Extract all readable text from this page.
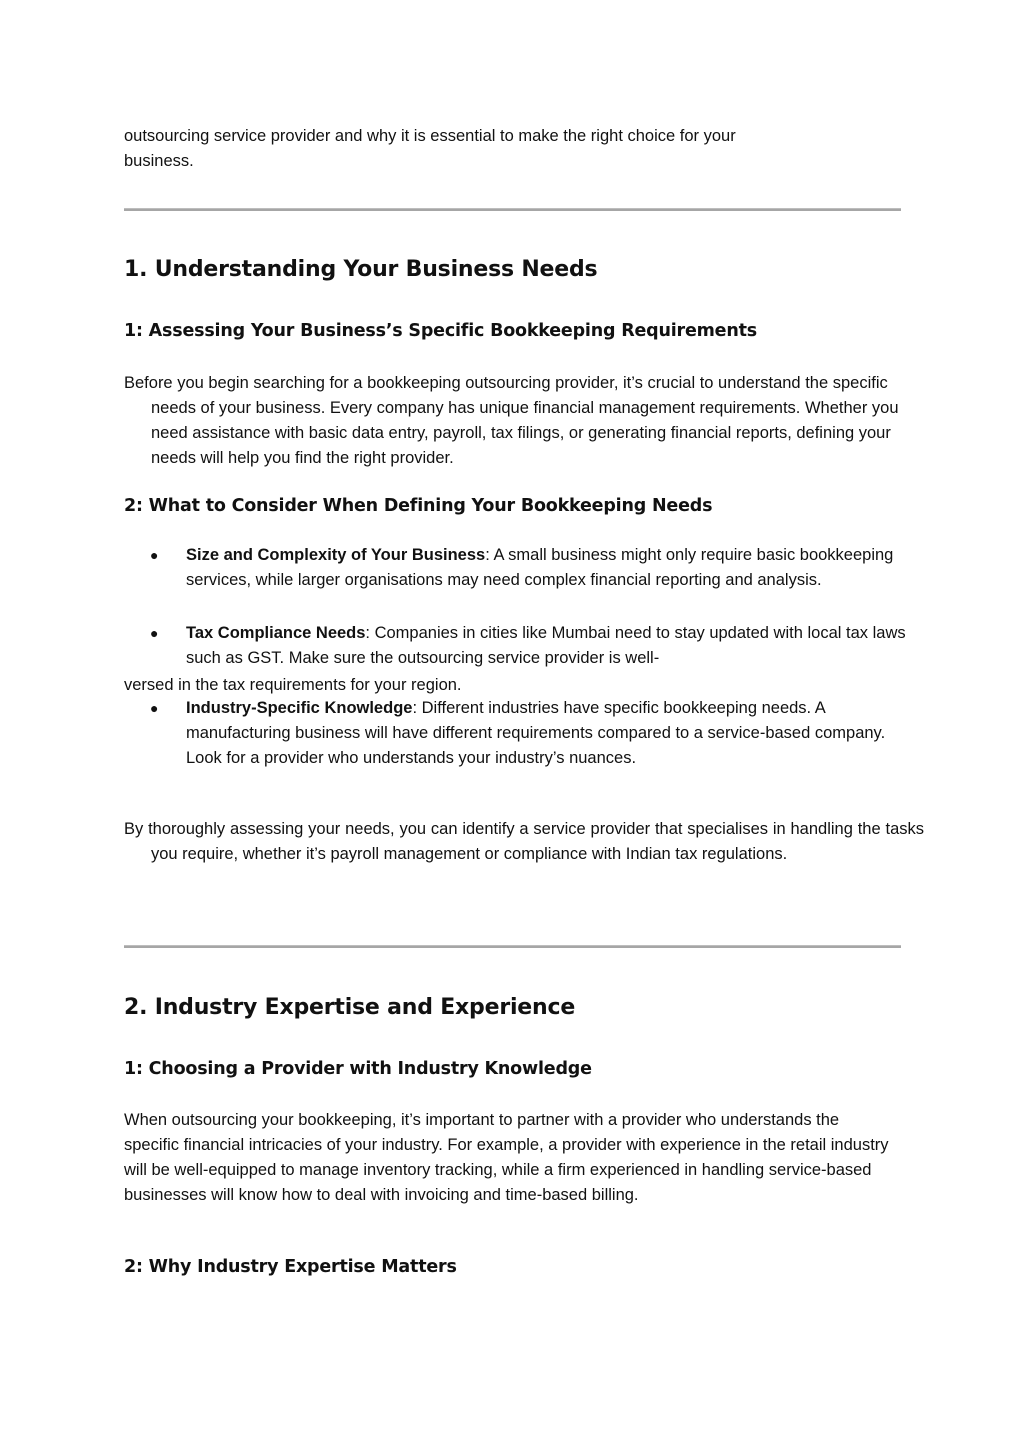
outsourcing service provider and why it is essential to make the right choice for your
business.
1. Understanding Your Business Needs
1: Assessing Your Business’s Specific Bookkeeping Requirements
Before you begin searching for a bookkeeping outsourcing provider, it’s crucial to understand the specific needs of your business. Every company has unique financial management requirements. Whether you need assistance with basic data entry, payroll, tax filings, or generating financial reports, defining your needs will help you find the right provider.
2: What to Consider When Defining Your Bookkeeping Needs
●	Size and Complexity of Your Business: A small business might only require basic bookkeeping services, while larger organisations may need complex financial reporting and analysis.
●	Tax Compliance Needs: Companies in cities like Mumbai need to stay updated with local tax laws such as GST. Make sure the outsourcing service provider is well-
versed in the tax requirements for your region.
●	Industry-Specific Knowledge: Different industries have specific bookkeeping needs. A manufacturing business will have different requirements compared to a service-based company. Look for a provider who understands your industry’s nuances.
By thoroughly assessing your needs, you can identify a service provider that specialises in handling the tasks you require, whether it’s payroll management or compliance with Indian tax regulations.
2. Industry Expertise and Experience
1: Choosing a Provider with Industry Knowledge
When outsourcing your bookkeeping, it’s important to partner with a provider who understands the specific financial intricacies of your industry. For example, a provider with experience in the retail industry will be well-equipped to manage inventory tracking, while a firm experienced in handling service-based businesses will know how to deal with invoicing and time-based billing.
2: Why Industry Expertise Matters
